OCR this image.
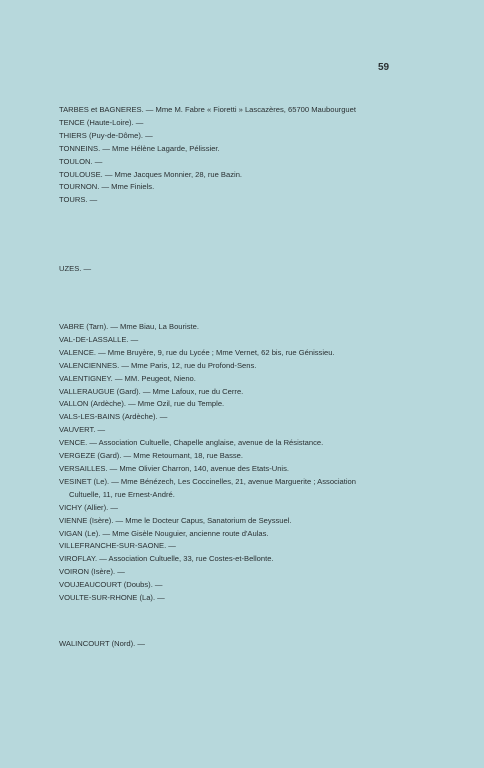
59
TARBES et BAGNERES. — Mme M. Fabre « Fioretti » Lascazères, 65700 Maubourguet
TENCE (Haute-Loire). —
THIERS (Puy-de-Dôme). —
TONNEINS. — Mme Hélène Lagarde, Pélissier.
TOULON. —
TOULOUSE. — Mme Jacques Monnier, 28, rue Bazin.
TOURNON. — Mme Finiels.
TOURS. —
UZES. —
VABRE (Tarn). — Mme Biau, La Bouriste.
VAL-DE-LASSALLE. —
VALENCE. — Mme Bruyère, 9, rue du Lycée ; Mme Vernet, 62 bis, rue Génissieu.
VALENCIENNES. — Mme Paris, 12, rue du Profond-Sens.
VALENTIGNEY. — MM. Peugeot, Nieno.
VALLERAUGUE (Gard). — Mme Lafoux, rue du Cerre.
VALLON (Ardèche). — Mme Ozil, rue du Temple.
VALS-LES-BAINS (Ardèche). —
VAUVERT. —
VENCE. — Association Cultuelle, Chapelle anglaise, avenue de la Résistance.
VERGEZE (Gard). — Mme Retournant, 18, rue Basse.
VERSAILLES. — Mme Olivier Charron, 140, avenue des Etats-Unis.
VESINET (Le). — Mme Bénézech, Les Coccinelles, 21, avenue Marguerite ; Association
Cultuelle, 11, rue Ernest-André.
VICHY (Allier). —
VIENNE (Isère). — Mme le Docteur Capus, Sanatorium de Seyssuel.
VIGAN (Le). — Mme Gisèle Nouguier, ancienne route d'Aulas.
VILLEFRANCHE-SUR-SAONE. —
VIROFLAY. — Association Cultuelle, 33, rue Costes-et-Bellonte.
VOIRON (Isère). —
VOUJEAUCOURT (Doubs). —
VOULTE-SUR-RHONE (La). —
WALINCOURT (Nord). —
